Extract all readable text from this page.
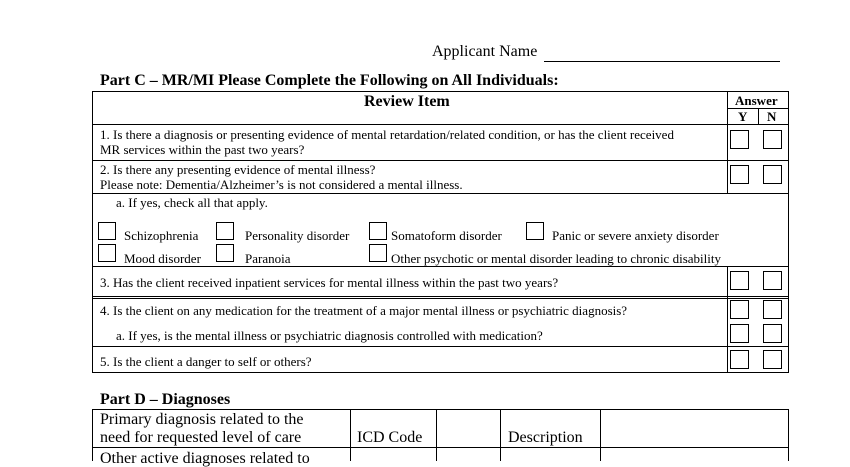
Applicant Name
Part C – MR/MI Please Complete the Following on All Individuals:
Review Item	Answer
Y N
1. Is there a diagnosis or presenting evidence of mental retardation/related condition, or has the client received
MR services within the past two years?
2. Is there any presenting evidence of mental illness?
Please note: Dementia/Alzheimer’s is not considered a mental illness.
a. If yes, check all that apply.
Schizophrenia	Personality disorder	Somatoform disorder	Panic or severe anxiety disorder
Mood disorder	Paranoia	Other psychotic or mental disorder leading to chronic disability
3. Has the client received inpatient services for mental illness within the past two years?
4. Is the client on any medication for the treatment of a major mental illness or psychiatric diagnosis?
a. If yes, is the mental illness or psychiatric diagnosis controlled with medication?
5. Is the client a danger to self or others?
Part D – Diagnoses
Primary diagnosis related to the
need for requested level of care	ICD Code	Description
Other active diagnoses related to
